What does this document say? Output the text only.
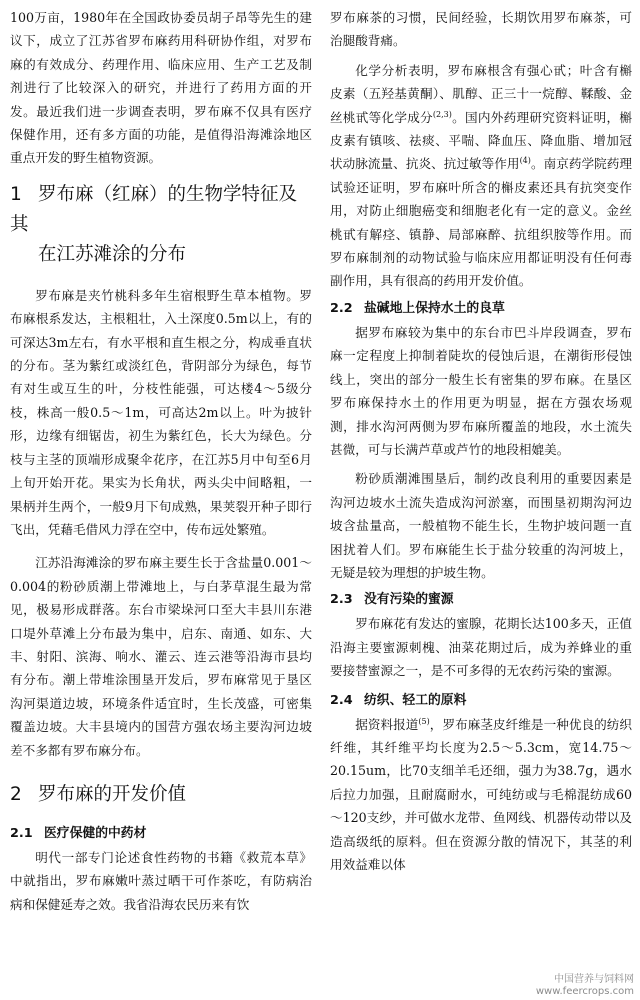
100万亩，1980年在全国政协委员胡子昂等先生的建议下，成立了江苏省罗布麻药用科研协作组，对罗布麻的有效成分、药理作用、临床应用、生产工艺及制剂进行了比较深入的研究，并进行了药用方面的开发。最近我们进一步调查表明，罗布麻不仅具有医疗保健作用，还有多方面的功能，是值得沿海滩涂地区重点开发的野生植物资源。

1 罗布麻（红麻）的生物学特征及其
在江苏滩涂的分布

罗布麻是夹竹桃科多年生宿根野生草本植物。罗布麻根系发达，主根粗壮，入土深度0.5m以上，有的可深达3m左右，有水平根和直生根之分，构成垂直状的分布。茎为紫红或淡红色，背阴部分为绿色，每节有对生或互生的叶，分枝性能强，可达楼4～5级分枝，株高一般0.5～1m，可高达2m以上。叶为披针形，边缘有细锯齿，初生为紫红色，长大为绿色。分枝与主茎的顶端形成聚伞花序，在江苏5月中旬至6月上旬开始开花。果实为长角状，两头尖中间略粗，一果柄并生两个，一般9月下旬成熟，果荚裂开种子即行飞出，凭藉毛借风力浮在空中，传布远处繁殖。

江苏沿海滩涂的罗布麻主要生长于含盐量0.001～0.004的粉砂质潮上带滩地上，与白茅草混生最为常见，极易形成群落。东台市梁垛河口至大丰县川东港口堤外草滩上分布最为集中，启东、南通、如东、大丰、射阳、滨海、响水、灌云、连云港等沿海市县均有分布。潮上带堆涂围垦开发后，罗布麻常见于垦区沟河渠道边坡，环境条件适宜时，生长茂盛，可密集覆盖边坡。大丰县境内的国营方强农场主要沟河边坡差不多都有罗布麻分布。

2 罗布麻的开发价值
2.1 医疗保健的中药材

明代一部专门论述食性药物的书籍《救荒本草》中就指出，罗布麻嫩叶蒸过晒干可作茶吃，有防病治病和保健延寿之效。我省沿海农民历来有饮

罗布麻茶的习惯，民间经验，长期饮用罗布麻茶，可治腿酸背痛。

化学分析表明，罗布麻根含有强心甙；叶含有槲皮素（五羟基黄酮）、肌醇、正三十一烷醇、鞣酸、金丝桃甙等化学成分$^{(2,3)}$。国内外药理研究资料证明，槲皮素有镇咳、祛痰、平喘、降血压、降血脂、增加冠状动脉流量、抗炎、抗过敏等作用$^{(4)}$。南京药学院药理试验还证明，罗布麻叶所含的槲皮素还具有抗突变作用，对防止细胞癌变和细胞老化有一定的意义。金丝桃甙有解痉、镇静、局部麻醉、抗组织胺等作用。而罗布麻制剂的动物试验与临床应用都证明没有任何毒副作用，具有很高的药用开发价值。

2.2 盐碱地上保持水土的良草

据罗布麻较为集中的东台市巴斗岸段调查，罗布麻一定程度上抑制着陡坎的侵蚀后退，在潮街形侵蚀线上，突出的部分一般生长有密集的罗布麻。在垦区罗布麻保持水土的作用更为明显，据在方强农场观测，排水沟河两侧为罗布麻所覆盖的地段，水土流失甚微，可与长满芦草或芦竹的地段相媲美。

粉砂质潮滩围垦后，制约改良利用的重要因素是沟河边坡水土流失造成沟河淤塞，而围垦初期沟河边坡含盐量高，一般植物不能生长，生物护坡问题一直困扰着人们。罗布麻能生长于盐分较重的沟河坡上，无疑是较为理想的护坡生物。

2.3 没有污染的蜜源

罗布麻花有发达的蜜腺，花期长达100多天，正值沿海主要蜜源刺槐、油菜花期过后，成为养蜂业的重要接替蜜源之一，是不可多得的无农药污染的蜜源。

2.4 纺织、轻工的原料

据资料报道$^{(5)}$，罗布麻茎皮纤维是一种优良的纺织纤维，其纤维平均长度为2.5～5.3cm，宽14.75～20.15um，比70支细羊毛还细，强力为38.7g，遇水后拉力加强，且耐腐耐水，可纯纺或与毛棉混纺成60～120支纱，并可做水龙带、鱼网线、机器传动带以及造高级纸的原料。但在资源分散的情况下，其茎的利用效益难以体

中国营养与饲料网
www.feercrops.com
